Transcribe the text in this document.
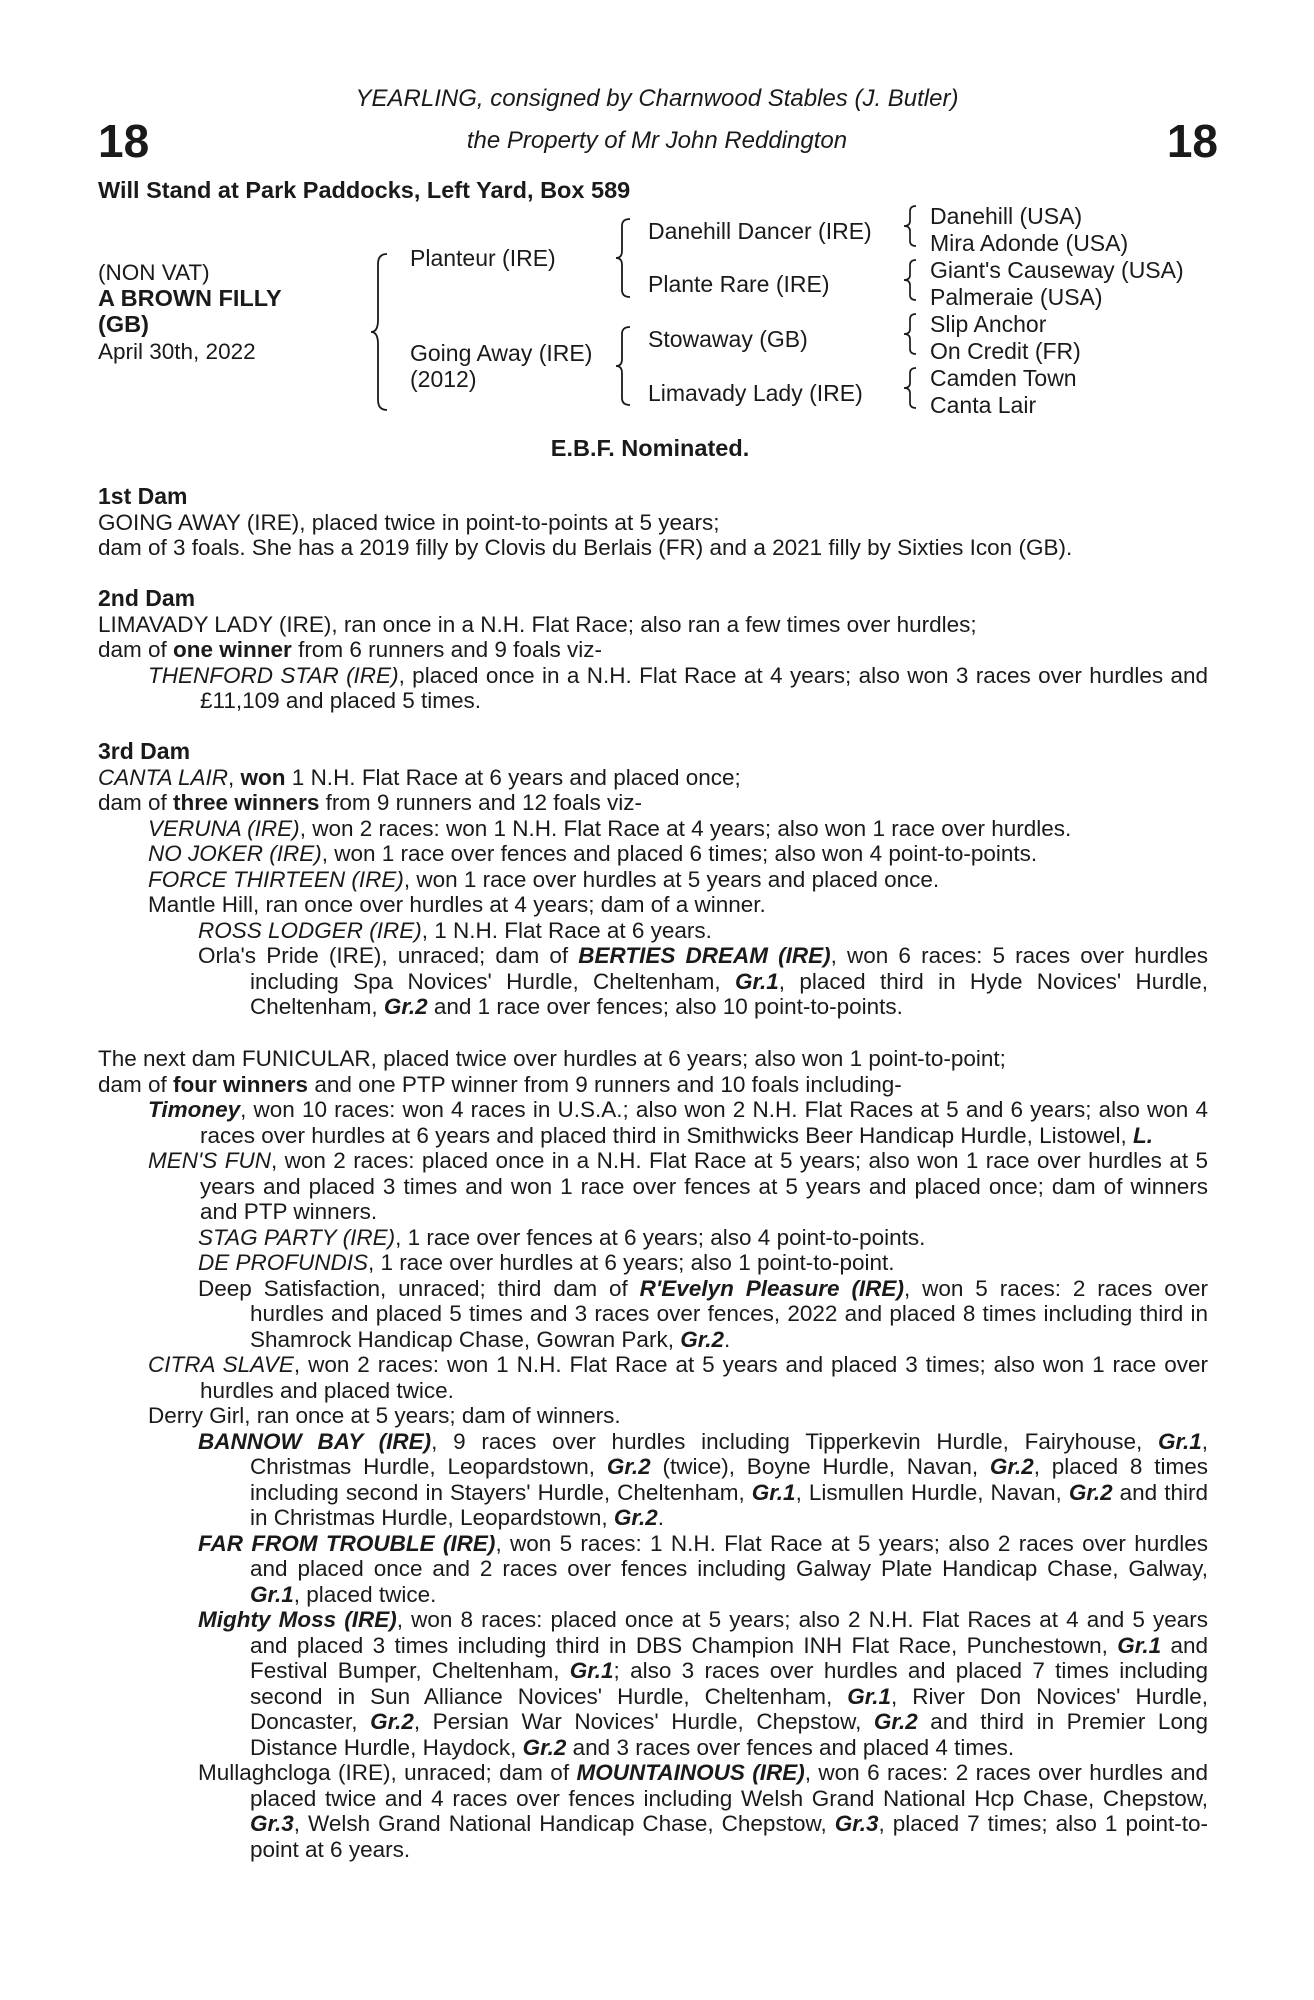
18	18
YEARLING, consigned by Charnwood Stables (J. Butler)
the Property of Mr John Reddington
Will Stand at Park Paddocks, Left Yard, Box 589
(NON VAT)
A BROWN FILLY
(GB)
April 30th, 2022
Planteur (IRE)
Going Away (IRE)
(2012)
Danehill Dancer (IRE)
Plante Rare (IRE)
Stowaway (GB)
Limavady Lady (IRE)
Danehill (USA)
Mira Adonde (USA)
Giant's Causeway (USA)
Palmeraie (USA)
Slip Anchor
On Credit (FR)
Camden Town
Canta Lair
E.B.F. Nominated.

1st Dam

GOING AWAY (IRE), placed twice in point-to-points at 5 years;

dam of 3 foals. She has a 2019 filly by Clovis du Berlais (FR) and a 2021 filly by Sixties Icon (GB).

2nd Dam

LIMAVADY LADY (IRE), ran once in a N.H. Flat Race; also ran a few times over hurdles;

dam of one winner from 6 runners and 9 foals viz-

THENFORD STAR (IRE), placed once in a N.H. Flat Race at 4 years; also won 3 races over hurdles and £11,109 and placed 5 times.

3rd Dam

CANTA LAIR, won 1 N.H. Flat Race at 6 years and placed once;

dam of three winners from 9 runners and 12 foals viz-

VERUNA (IRE), won 2 races: won 1 N.H. Flat Race at 4 years; also won 1 race over hurdles.

NO JOKER (IRE), won 1 race over fences and placed 6 times; also won 4 point-to-points.

FORCE THIRTEEN (IRE), won 1 race over hurdles at 5 years and placed once.

Mantle Hill, ran once over hurdles at 4 years; dam of a winner.

ROSS LODGER (IRE), 1 N.H. Flat Race at 6 years.

Orla's Pride (IRE), unraced; dam of BERTIES DREAM (IRE), won 6 races: 5 races over hurdles including Spa Novices' Hurdle, Cheltenham, Gr.1, placed third in Hyde Novices' Hurdle, Cheltenham, Gr.2 and 1 race over fences; also 10 point-to-points.

The next dam FUNICULAR, placed twice over hurdles at 6 years; also won 1 point-to-point;

dam of four winners and one PTP winner from 9 runners and 10 foals including-

Timoney, won 10 races: won 4 races in U.S.A.; also won 2 N.H. Flat Races at 5 and 6 years; also won 4 races over hurdles at 6 years and placed third in Smithwicks Beer Handicap Hurdle, Listowel, L.

MEN'S FUN, won 2 races: placed once in a N.H. Flat Race at 5 years; also won 1 race over hurdles at 5 years and placed 3 times and won 1 race over fences at 5 years and placed once; dam of winners and PTP winners.

STAG PARTY (IRE), 1 race over fences at 6 years; also 4 point-to-points.

DE PROFUNDIS, 1 race over hurdles at 6 years; also 1 point-to-point.

Deep Satisfaction, unraced; third dam of R'Evelyn Pleasure (IRE), won 5 races: 2 races over hurdles and placed 5 times and 3 races over fences, 2022 and placed 8 times including third in Shamrock Handicap Chase, Gowran Park, Gr.2.

CITRA SLAVE, won 2 races: won 1 N.H. Flat Race at 5 years and placed 3 times; also won 1 race over hurdles and placed twice.

Derry Girl, ran once at 5 years; dam of winners.

BANNOW BAY (IRE), 9 races over hurdles including Tipperkevin Hurdle, Fairyhouse, Gr.1, Christmas Hurdle, Leopardstown, Gr.2 (twice), Boyne Hurdle, Navan, Gr.2, placed 8 times including second in Stayers' Hurdle, Cheltenham, Gr.1, Lismullen Hurdle, Navan, Gr.2 and third in Christmas Hurdle, Leopardstown, Gr.2.

FAR FROM TROUBLE (IRE), won 5 races: 1 N.H. Flat Race at 5 years; also 2 races over hurdles and placed once and 2 races over fences including Galway Plate Handicap Chase, Galway, Gr.1, placed twice.

Mighty Moss (IRE), won 8 races: placed once at 5 years; also 2 N.H. Flat Races at 4 and 5 years and placed 3 times including third in DBS Champion INH Flat Race, Punchestown, Gr.1 and Festival Bumper, Cheltenham, Gr.1; also 3 races over hurdles and placed 7 times including second in Sun Alliance Novices' Hurdle, Cheltenham, Gr.1, River Don Novices' Hurdle, Doncaster, Gr.2, Persian War Novices' Hurdle, Chepstow, Gr.2 and third in Premier Long Distance Hurdle, Haydock, Gr.2 and 3 races over fences and placed 4 times.

Mullaghcloga (IRE), unraced; dam of MOUNTAINOUS (IRE), won 6 races: 2 races over hurdles and placed twice and 4 races over fences including Welsh Grand National Hcp Chase, Chepstow, Gr.3, Welsh Grand National Handicap Chase, Chepstow, Gr.3, placed 7 times; also 1 point-to-point at 6 years.
